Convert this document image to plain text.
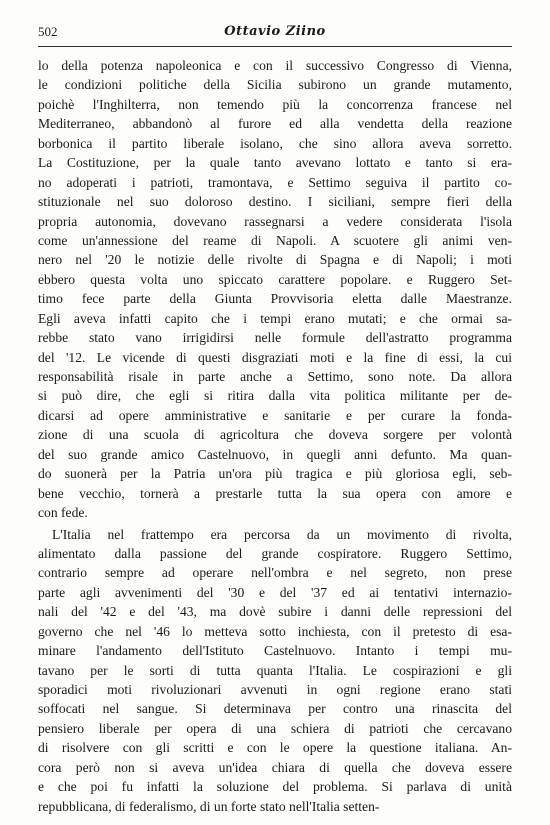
502	Ottavio Ziino
lo della potenza napoleonica e con il successivo Congresso di Vienna,
le condizioni politiche della Sicilia subirono un grande mutamento,
poichè l'Inghilterra, non temendo più la concorrenza francese nel
Mediterraneo, abbandonò al furore ed alla vendetta della reazione
borbonica il partito liberale isolano, che sino allora aveva sorretto.
La Costituzione, per la quale tanto avevano lottato e tanto si era-
no adoperati i patrioti, tramontava, e Settimo seguiva il partito co-
stituzionale nel suo doloroso destino. I siciliani, sempre fieri della
propria autonomia, dovevano rassegnarsi a vedere considerata l'isola
come un'annessione del reame di Napoli. A scuotere gli animi ven-
nero nel '20 le notizie delle rivolte di Spagna e di Napoli; i moti
ebbero questa volta uno spiccato carattere popolare. e Ruggero Set-
timo fece parte della Giunta Provvisoria eletta dalle Maestranze.
Egli aveva infatti capito che i tempi erano mutati; e che ormai sa-
rebbe stato vano irrigidirsi nelle formule dell'astratto programma
del '12. Le vicende di questi disgraziati moti e la fine di essi, la cui
responsabilità risale in parte anche a Settimo, sono note. Da allora
si può dire, che egli si ritira dalla vita politica militante per de-
dicarsi ad opere amministrative e sanitarie e per curare la fonda-
zione di una scuola di agricoltura che doveva sorgere per volontà
del suo grande amico Castelnuovo, in quegli anni defunto. Ma quan-
do suonerà per la Patria un'ora più tragica e più gloriosa egli, seb-
bene vecchio, tornerà a prestarle tutta la sua opera con amore e
con fede.
L'Italia nel frattempo era percorsa da un movimento di rivolta,
alimentato dalla passione del grande cospiratore. Ruggero Settimo,
contrario sempre ad operare nell'ombra e nel segreto, non prese
parte agli avvenimenti del '30 e del '37 ed ai tentativi internazio-
nali del '42 e del '43, ma dovè subire i danni delle repressioni del
governo che nel '46 lo metteva sotto inchiesta, con il pretesto di esa-
minare l'andamento dell'Istituto Castelnuovo. Intanto i tempi mu-
tavano per le sorti di tutta quanta l'Italia. Le cospirazioni e gli
sporadici moti rivoluzionari avvenuti in ogni regione erano stati
soffocati nel sangue. Si determinava per contro una rinascita del
pensiero liberale per opera di una schiera di patrioti che cercavano
di risolvere con gli scritti e con le opere la questione italiana. An-
cora però non si aveva un'idea chiara di quella che doveva essere
e che poi fu infatti la soluzione del problema. Si parlava di unità
repubblicana, di federalismo, di un forte stato nell'Italia setten-
